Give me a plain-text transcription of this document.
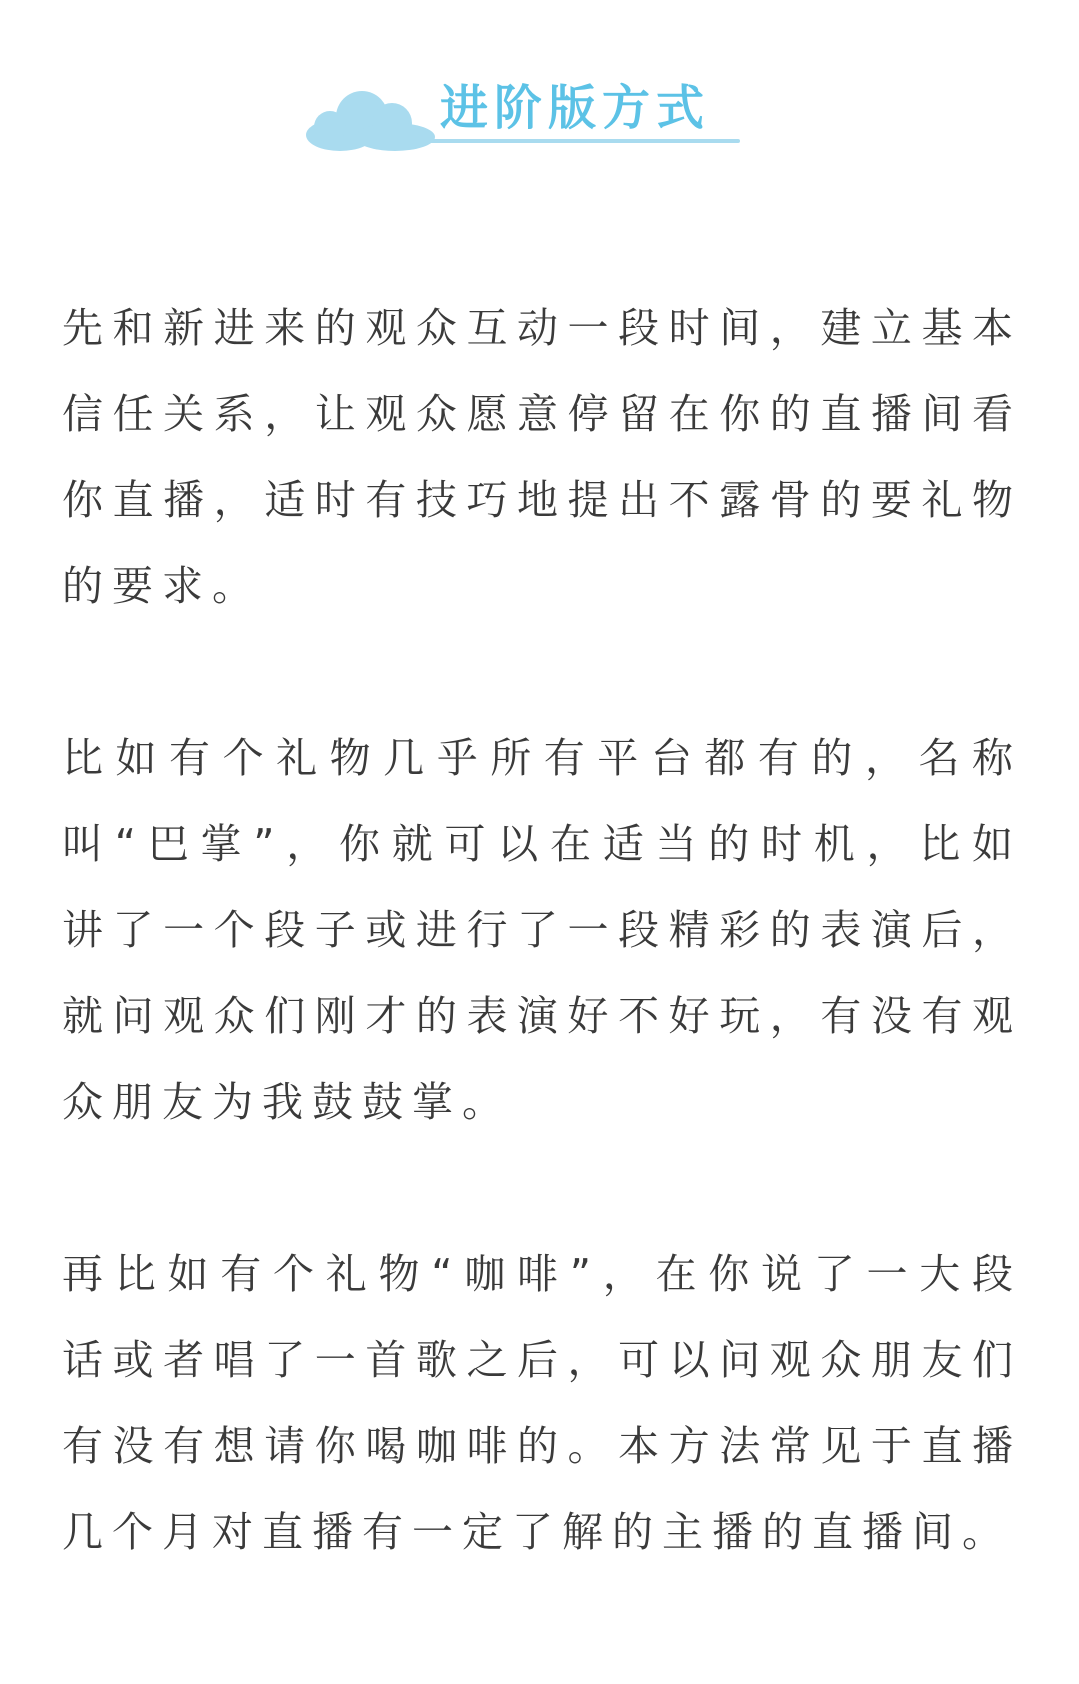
进阶版方式

先和新进来的观众互动一段时间，建立基本信任关系，让观众愿意停留在你的直播间看你直播，适时有技巧地提出不露骨的要礼物的要求。

比如有个礼物几乎所有平台都有的，名称叫“巴掌”，你就可以在适当的时机，比如讲了一个段子或进行了一段精彩的表演后，就问观众们刚才的表演好不好玩，有没有观众朋友为我鼓鼓掌。

再比如有个礼物“咖啡”，在你说了一大段话或者唱了一首歌之后，可以问观众朋友们有没有想请你喝咖啡的。本方法常见于直播几个月对直播有一定了解的主播的直播间。
